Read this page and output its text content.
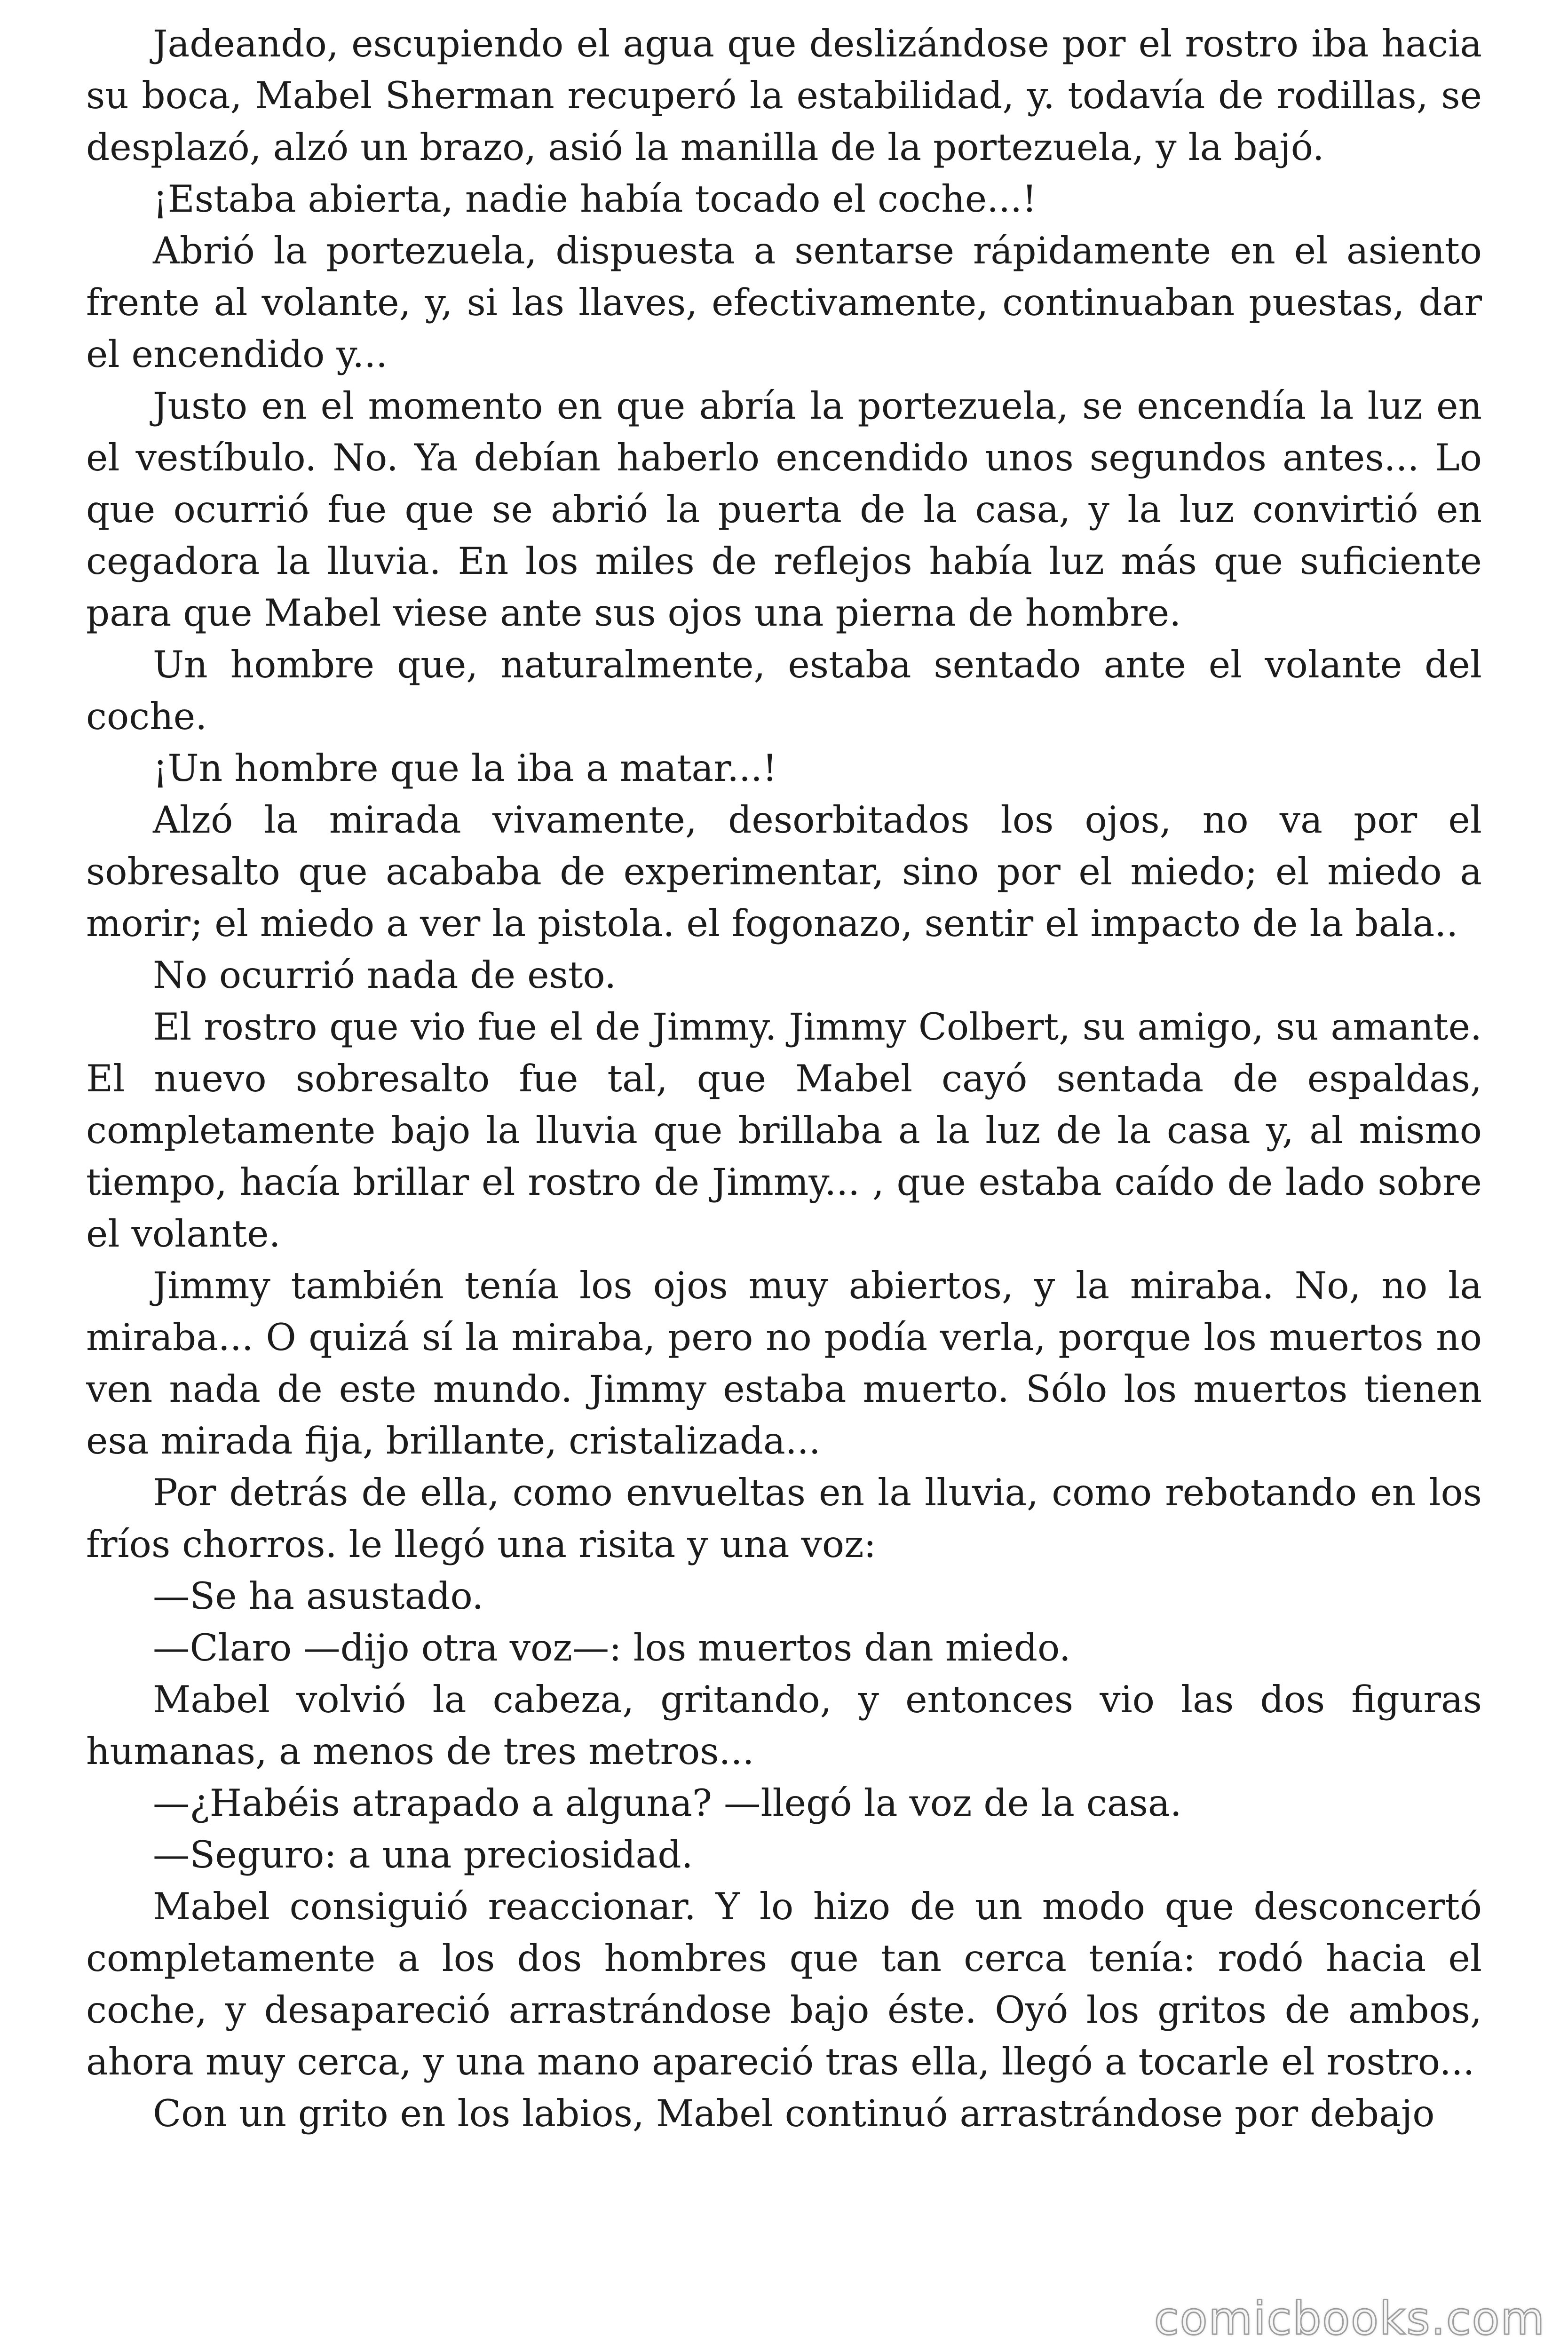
Jadeando, escupiendo el agua que deslizándose por el rostro iba hacia su boca, Mabel Sherman recuperó la estabilidad, y. todavía de rodillas, se desplazó, alzó un brazo, asió la manilla de la portezuela, y la bajó.

¡Estaba abierta, nadie había tocado el coche...!

Abrió la portezuela, dispuesta a sentarse rápidamente en el asiento frente al volante, y, si las llaves, efectivamente, continuaban puestas, dar el encendido y...

Justo en el momento en que abría la portezuela, se encendía la luz en el vestíbulo. No. Ya debían haberlo encendido unos segundos antes... Lo que ocurrió fue que se abrió la puerta de la casa, y la luz convirtió en cegadora la lluvia. En los miles de reflejos había luz más que suficiente para que Mabel viese ante sus ojos una pierna de hombre.

Un hombre que, naturalmente, estaba sentado ante el volante del coche.

¡Un hombre que la iba a matar...!

Alzó la mirada vivamente, desorbitados los ojos, no va por el sobresalto que acababa de experimentar, sino por el miedo; el miedo a morir; el miedo a ver la pistola. el fogonazo, sentir el impacto de la bala..

No ocurrió nada de esto.

El rostro que vio fue el de Jimmy. Jimmy Colbert, su amigo, su amante. El nuevo sobresalto fue tal, que Mabel cayó sentada de espaldas, completamente bajo la lluvia que brillaba a la luz de la casa y, al mismo tiempo, hacía brillar el rostro de Jimmy... , que estaba caído de lado sobre el volante.

Jimmy también tenía los ojos muy abiertos, y la miraba. No, no la miraba... O quizá sí la miraba, pero no podía verla, porque los muertos no ven nada de este mundo. Jimmy estaba muerto. Sólo los muertos tienen esa mirada fija, brillante, cristalizada...

Por detrás de ella, como envueltas en la lluvia, como rebotando en los fríos chorros. le llegó una risita y una voz:

—Se ha asustado.

—Claro —dijo otra voz—: los muertos dan miedo.

Mabel volvió la cabeza, gritando, y entonces vio las dos figuras humanas, a menos de tres metros...

—¿Habéis atrapado a alguna? —llegó la voz de la casa.

—Seguro: a una preciosidad.

Mabel consiguió reaccionar. Y lo hizo de un modo que desconcertó completamente a los dos hombres que tan cerca tenía: rodó hacia el coche, y desapareció arrastrándose bajo éste. Oyó los gritos de ambos, ahora muy cerca, y una mano apareció tras ella, llegó a tocarle el rostro...

Con un grito en los labios, Mabel continuó arrastrándose por debajo

comicbooks.com
